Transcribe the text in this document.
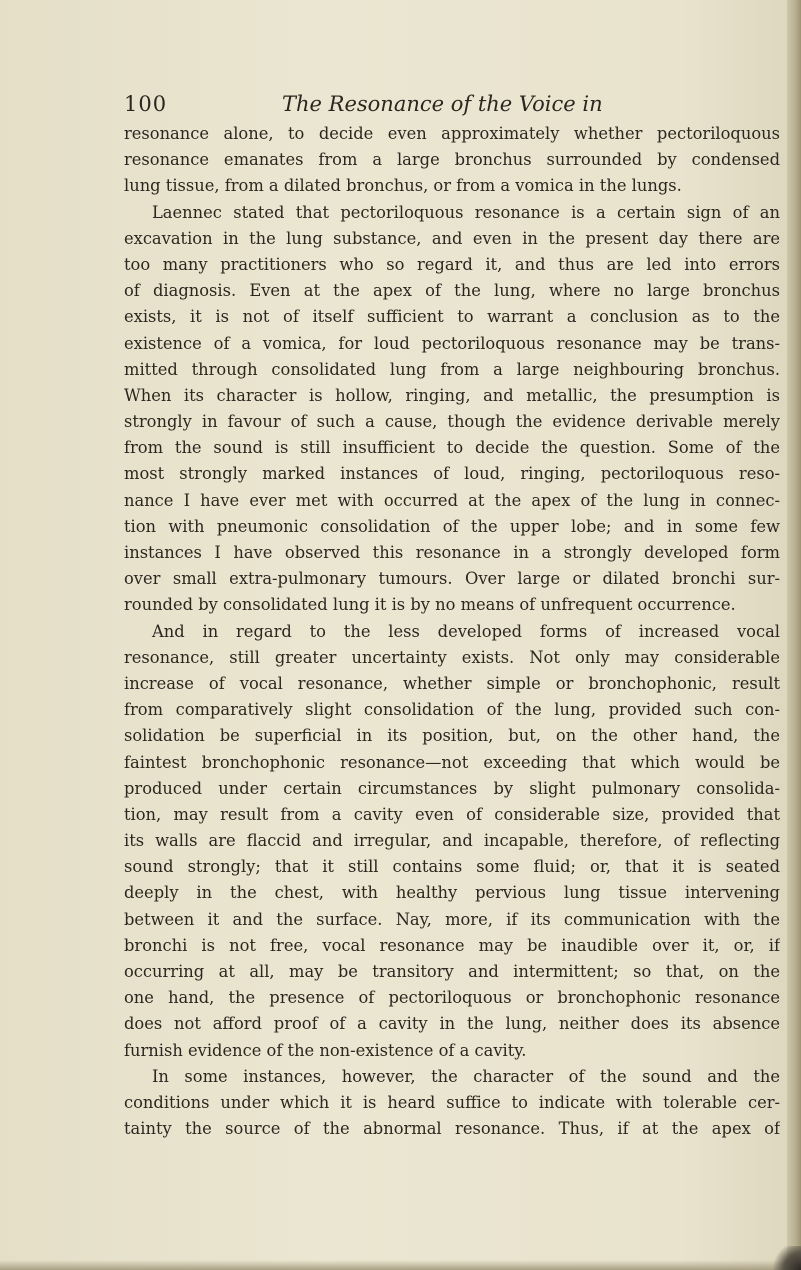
100	The Resonance of the Voice in
resonance alone, to decide even approximately whether pectoriloquous
resonance emanates from a large bronchus surrounded by condensed
lung tissue, from a dilated bronchus, or from a vomica in the lungs.
Laennec stated that pectoriloquous resonance is a certain sign of an
excavation in the lung substance, and even in the present day there are
too many practitioners who so regard it, and thus are led into errors
of diagnosis. Even at the apex of the lung, where no large bronchus
exists, it is not of itself sufficient to warrant a conclusion as to the
existence of a vomica, for loud pectoriloquous resonance may be trans-
mitted through consolidated lung from a large neighbouring bronchus.
When its character is hollow, ringing, and metallic, the presumption is
strongly in favour of such a cause, though the evidence derivable merely
from the sound is still insufficient to decide the question. Some of the
most strongly marked instances of loud, ringing, pectoriloquous reso-
nance I have ever met with occurred at the apex of the lung in connec-
tion with pneumonic consolidation of the upper lobe; and in some few
instances I have observed this resonance in a strongly developed form
over small extra-pulmonary tumours. Over large or dilated bronchi sur-
rounded by consolidated lung it is by no means of unfrequent occurrence.
And in regard to the less developed forms of increased vocal
resonance, still greater uncertainty exists. Not only may considerable
increase of vocal resonance, whether simple or bronchophonic, result
from comparatively slight consolidation of the lung, provided such con-
solidation be superficial in its position, but, on the other hand, the
faintest bronchophonic resonance—not exceeding that which would be
produced under certain circumstances by slight pulmonary consolida-
tion, may result from a cavity even of considerable size, provided that
its walls are flaccid and irregular, and incapable, therefore, of reflecting
sound strongly; that it still contains some fluid; or, that it is seated
deeply in the chest, with healthy pervious lung tissue intervening
between it and the surface. Nay, more, if its communication with the
bronchi is not free, vocal resonance may be inaudible over it, or, if
occurring at all, may be transitory and intermittent; so that, on the
one hand, the presence of pectoriloquous or bronchophonic resonance
does not afford proof of a cavity in the lung, neither does its absence
furnish evidence of the non-existence of a cavity.
In some instances, however, the character of the sound and the
conditions under which it is heard suffice to indicate with tolerable cer-
tainty the source of the abnormal resonance. Thus, if at the apex of
